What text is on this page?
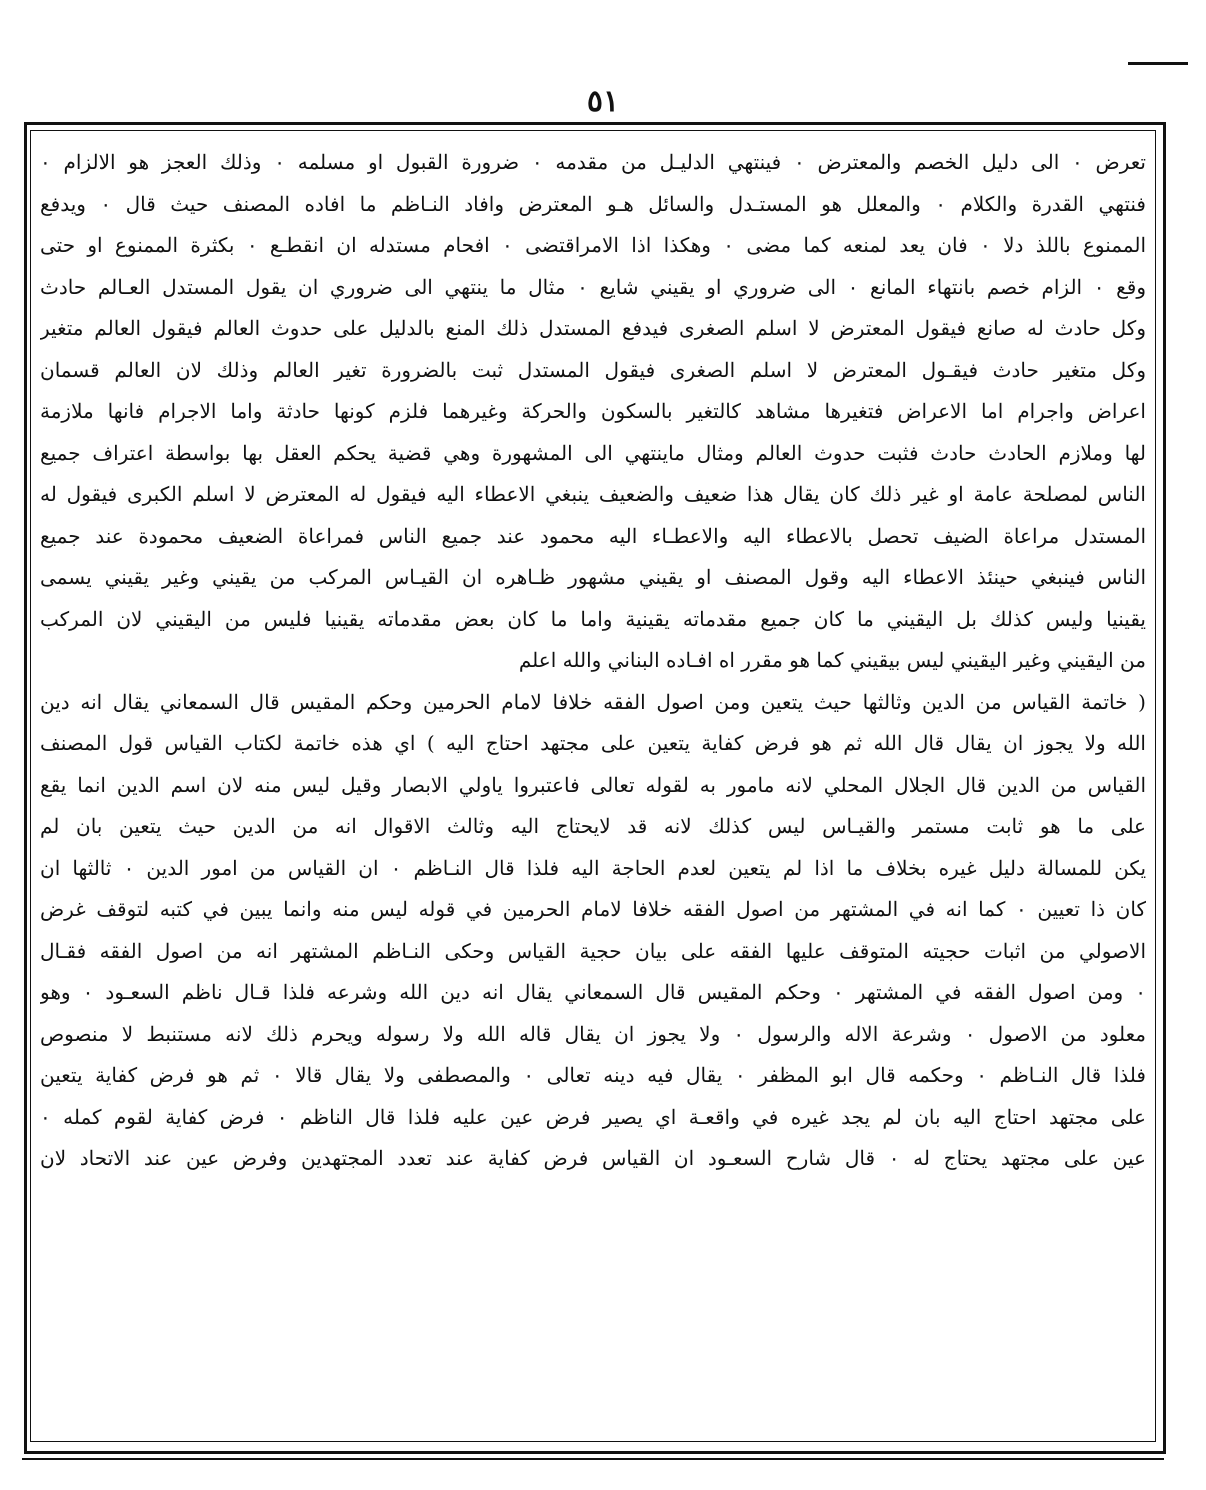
٥١
تعرض ٠ الى دليل الخصم والمعترض ٠ فينتهي الدليـل من مقدمه ٠ ضرورة القبول او مسلمه ٠ وذلك العجز هو الالزام ٠
فنتهي القدرة والكلام ٠ والمعلل هو المستـدل والسائل هـو المعترض وافاد النـاظم ما افاده المصنف حيث قال ٠ ويدفع
الممنوع باللذ دلا ٠ فان يعد لمنعه كما مضى ٠ وهكذا اذا الامراقتضى ٠ افحام مستدله ان انقطـع ٠ بكثرة الممنوع او حتى
وقع ٠ الزام خصم بانتهاء المانع ٠ الى ضروري او يقيني شايع ٠ مثال ما ينتهي الى ضروري ان يقول المستدل العـالم حادث
وكل حادث له صانع فيقول المعترض لا اسلم الصغرى فيدفع المستدل ذلك المنع بالدليل على حدوث العالم فيقول العالم متغير
وكل متغير حادث فيقـول المعترض لا اسلم الصغرى فيقول المستدل ثبت بالضرورة تغير العالم وذلك لان العالم قسمان
اعراض واجرام اما الاعراض فتغيرها مشاهد كالتغير بالسكون والحركة وغيرهما فلزم كونها حادثة واما الاجرام فانها ملازمة
لها وملازم الحادث حادث فثبت حدوث العالم ومثال ماينتهي الى المشهورة وهي قضية يحكم العقل بها بواسطة اعتراف جميع
الناس لمصلحة عامة او غير ذلك كان يقال هذا ضعيف والضعيف ينبغي الاعطاء اليه فيقول له المعترض لا اسلم الكبرى فيقول له
المستدل مراعاة الضيف تحصل بالاعطاء اليه والاعطـاء اليه محمود عند جميع الناس فمراعاة الضعيف محمودة عند جميع
الناس فينبغي حينئذ الاعطاء اليه وقول المصنف او يقيني مشهور ظـاهره ان القيـاس المركب من يقيني وغير يقيني يسمى
يقينيا وليس كذلك بل اليقيني ما كان جميع مقدماته يقينية واما ما كان بعض مقدماته يقينيا فليس من اليقيني لان المركب
من اليقيني وغير اليقيني ليس بيقيني كما هو مقرر اه افـاده البناني والله اعلم
( خاتمة القياس من الدين وثالثها حيث يتعين ومن اصول الفقه خلافا لامام الحرمين وحكم المقيس قال السمعاني يقال انه دين
الله ولا يجوز ان يقال قال الله ثم هو فرض كفاية يتعين على مجتهد احتاج اليه ) اي هذه خاتمة لكتاب القياس قول المصنف
القياس من الدين قال الجلال المحلي لانه مامور به لقوله تعالى فاعتبروا ياولي الابصار وقيل ليس منه لان اسم الدين انما يقع
على ما هو ثابت مستمر والقيـاس ليس كذلك لانه قد لايحتاج اليه وثالث الاقوال انه من الدين حيث يتعين بان لم
يكن للمسالة دليل غيره بخلاف ما اذا لم يتعين لعدم الحاجة اليه فلذا قال النـاظم ٠ ان القياس من امور الدين ٠ ثالثها ان
كان ذا تعيين ٠ كما انه في المشتهر من اصول الفقه خلافا لامام الحرمين في قوله ليس منه وانما يبين في كتبه لتوقف غرض
الاصولي من اثبات حجيته المتوقف عليها الفقه على بيان حجية القياس وحكى النـاظم المشتهر انه من اصول الفقه فقـال
٠ ومن اصول الفقه في المشتهر ٠ وحكم المقيس قال السمعاني يقال انه دين الله وشرعه فلذا قـال ناظم السعـود ٠ وهو
معلود من الاصول ٠ وشرعة الاله والرسول ٠ ولا يجوز ان يقال قاله الله ولا رسوله ويحرم ذلك لانه مستنبط لا منصوص
فلذا قال النـاظم ٠ وحكمه قال ابو المظفر ٠ يقال فيه دينه تعالى ٠ والمصطفى ولا يقال قالا ٠ ثم هو فرض كفاية يتعين
على مجتهد احتاج اليه بان لم يجد غيره في واقعـة اي يصير فرض عين عليه فلذا قال الناظم ٠ فرض كفاية لقوم كمله ٠
عين على مجتهد يحتاج له ٠ قال شارح السعـود ان القياس فرض كفاية عند تعدد المجتهدين وفرض عين عند الاتحاد لان
